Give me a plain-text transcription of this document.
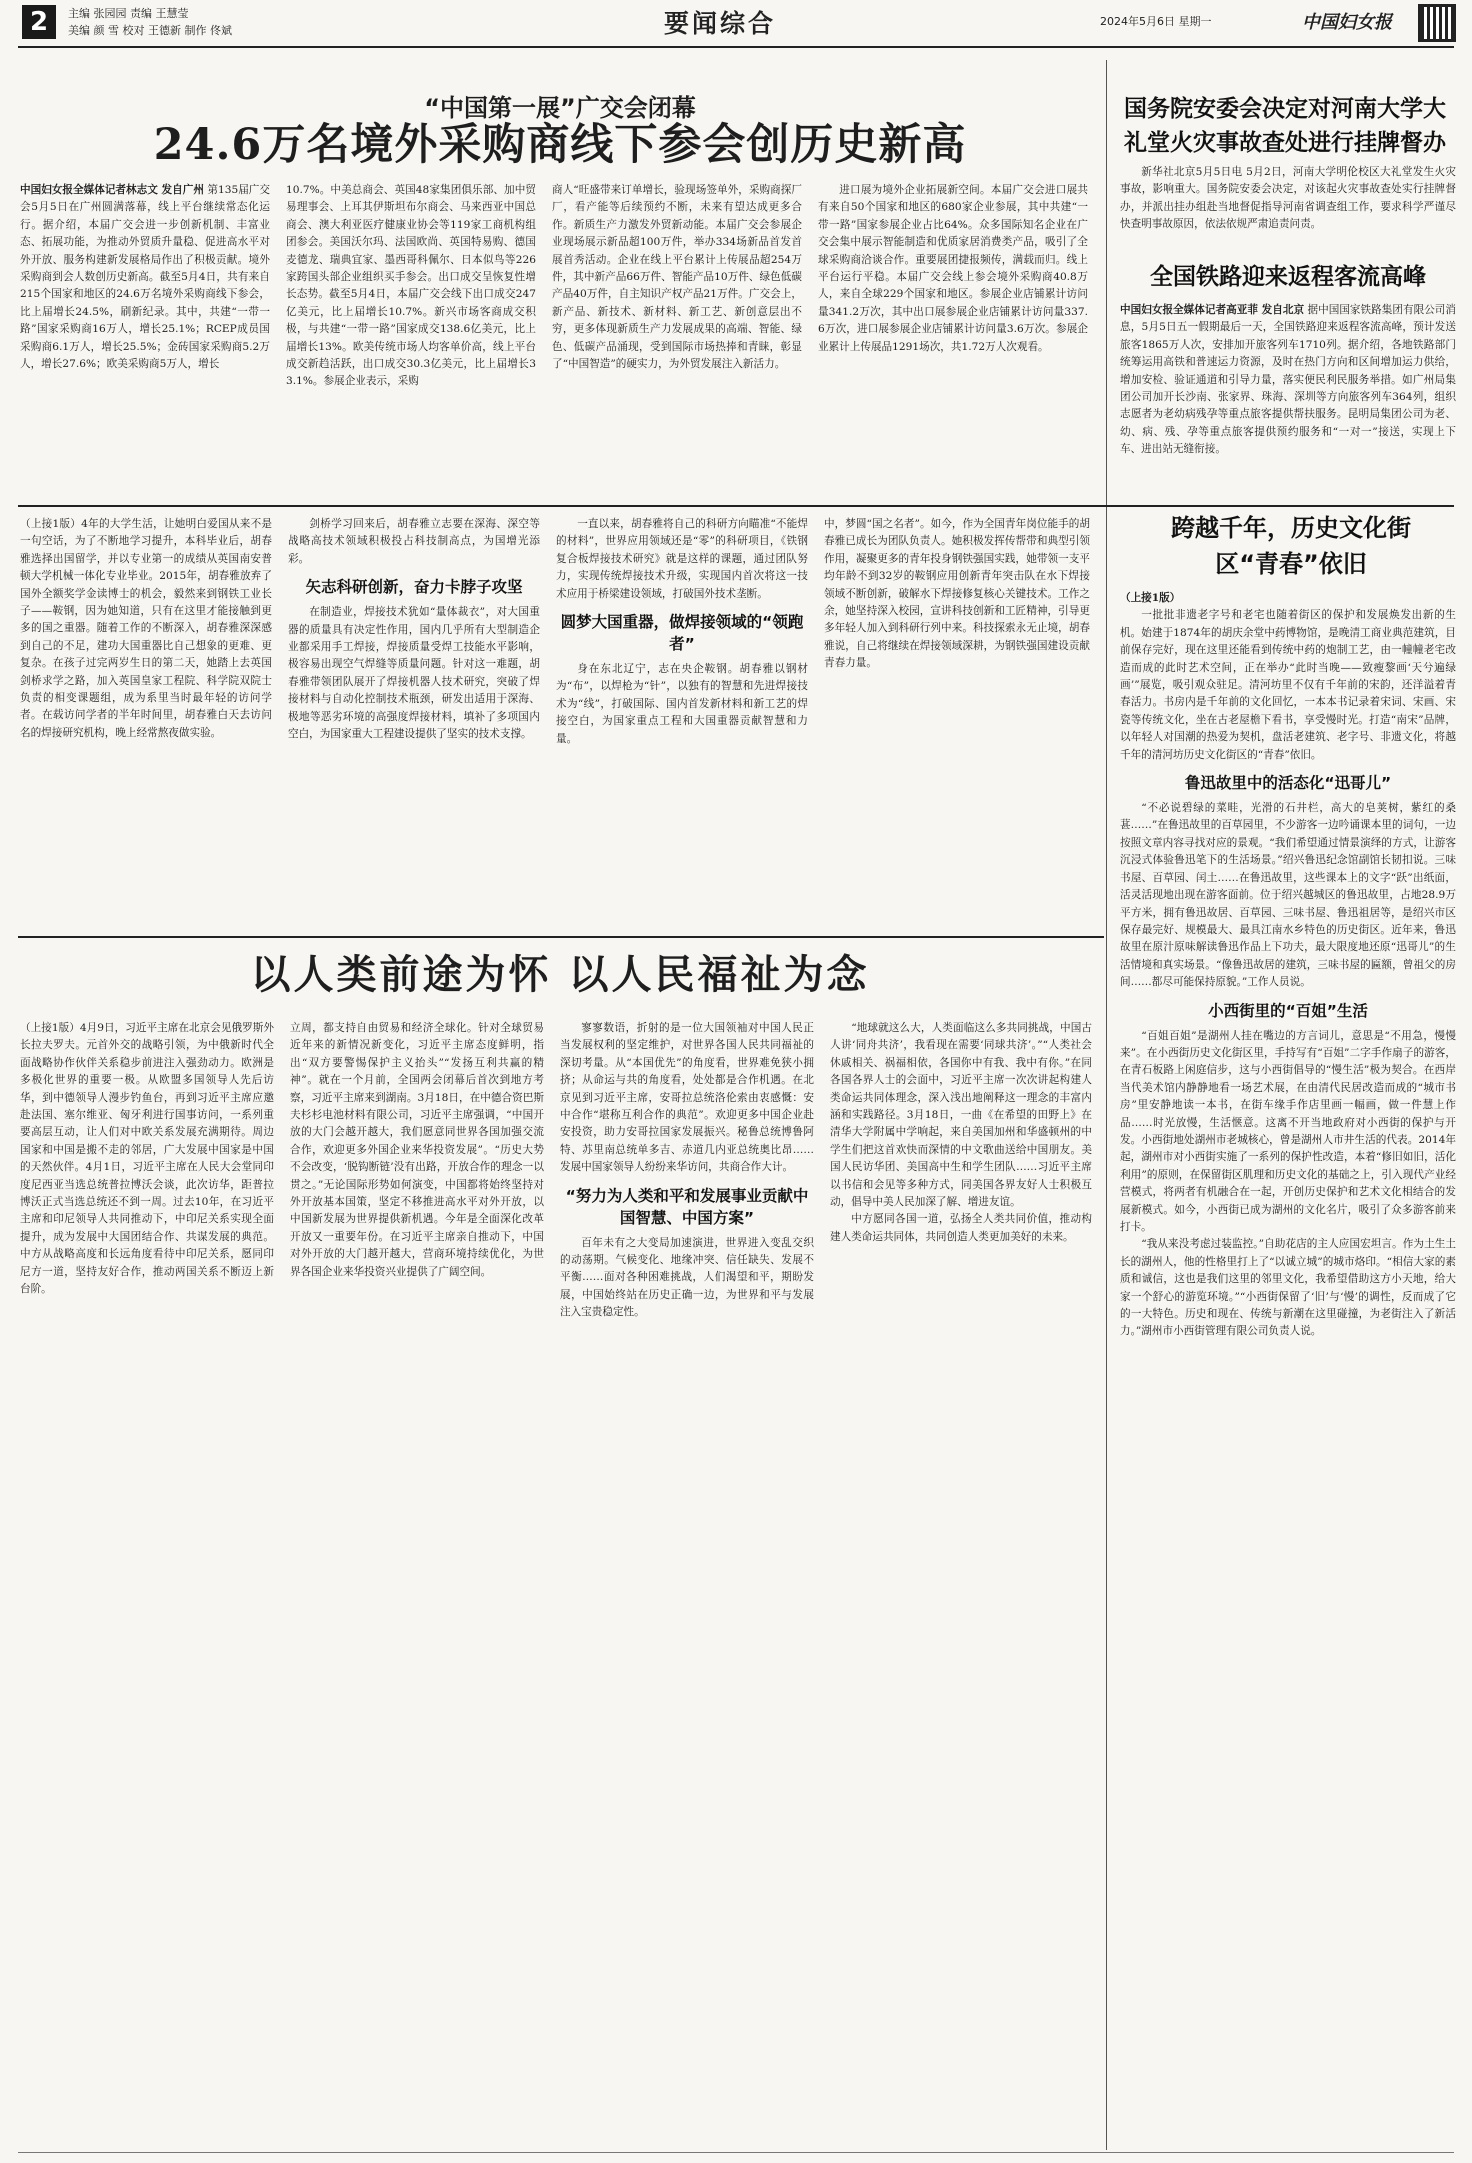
2	主编 张园园 责编 王慧莹
美编 颜 雪 校对 王德新 制作 佟斌	要闻综合	2024年5月6日 星期一	中国妇女报
“中国第一展”广交会闭幕
24.6万名境外采购商线下参会创历史新高

中国妇女报全媒体记者林志文 发自广州 第135届广交会5月5日在广州圆满落幕，线上平台继续常态化运行。据介绍，本届广交会进一步创新机制、丰富业态、拓展功能，为推动外贸质升量稳、促进高水平对外开放、服务构建新发展格局作出了积极贡献。境外采购商到会人数创历史新高。截至5月4日，共有来自215个国家和地区的24.6万名境外采购商线下参会，比上届增长24.5%，刷新纪录。其中，共建“一带一路”国家采购商16万人，增长25.1%；RCEP成员国采购商6.1万人，增长25.5%；金砖国家采购商5.2万人，增长27.6%；欧美采购商5万人，增长

10.7%。中美总商会、英国48家集团俱乐部、加中贸易理事会、上耳其伊斯坦布尔商会、马来西亚中国总商会、澳大利亚医疗健康业协会等119家工商机构组团参会。美国沃尔玛、法国欧尚、英国特易购、德国麦德龙、瑞典宜家、墨西哥科佩尔、日本似鸟等226家跨国头部企业组织买手参会。出口成交呈恢复性增长态势。截至5月4日，本届广交会线下出口成交247亿美元，比上届增长10.7%。新兴市场客商成交积极，与共建“一带一路”国家成交138.6亿美元，比上届增长13%。欧美传统市场人均客单价高，线上平台成交新趋活跃，出口成交30.3亿美元，比上届增长33.1%。参展企业表示，采购

商人“旺盛带来订单增长，验现场签单外，采购商探厂厂，看产能等后续预约不断，未来有望达成更多合作。新质生产力激发外贸新动能。本届广交会参展企业现场展示新品超100万件，举办334场新品首发首展首秀活动。企业在线上平台累计上传展品超254万件，其中新产品66万件、智能产品10万件、绿色低碳产品40万件，自主知识产权产品21万件。广交会上，新产品、新技术、新材料、新工艺、新创意层出不穷，更多体现新质生产力发展成果的高端、智能、绿色、低碳产品涌现，受到国际市场热捧和青睐，彰显了“中国智造”的硬实力，为外贸发展注入新活力。

进口展为境外企业拓展新空间。本届广交会进口展共有来自50个国家和地区的680家企业参展，其中共建“一带一路”国家参展企业占比64%。众多国际知名企业在广交会集中展示智能制造和优质家居消费类产品，吸引了全球采购商洽谈合作。重要展团捷报频传，满载而归。线上平台运行平稳。本届广交会线上参会境外采购商40.8万人，来自全球229个国家和地区。参展企业店铺累计访问量341.2万次，其中出口展参展企业店铺累计访问量337.6万次，进口展参展企业店铺累计访问量3.6万次。参展企业累计上传展品1291场次，共1.72万人次观看。

国务院安委会决定对河南大学大礼堂火灾事故查处进行挂牌督办

新华社北京5月5日电 5月2日，河南大学明伦校区大礼堂发生火灾事故，影响重大。国务院安委会决定，对该起火灾事故查处实行挂牌督办，并派出挂办组赴当地督促指导河南省调查组工作，要求科学严谨尽快查明事故原因，依法依规严肃追责问责。

全国铁路迎来返程客流高峰

中国妇女报全媒体记者高亚菲 发自北京 据中国国家铁路集团有限公司消息，5月5日五一假期最后一天，全国铁路迎来返程客流高峰，预计发送旅客1865万人次，安排加开旅客列车1710列。据介绍，各地铁路部门统筹运用高铁和普速运力资源，及时在热门方向和区间增加运力供给，增加安检、验证通道和引导力量，落实便民利民服务举措。如广州局集团公司加开长沙南、张家界、珠海、深圳等方向旅客列车364列，组织志愿者为老幼病残孕等重点旅客提供帮扶服务。昆明局集团公司为老、幼、病、残、孕等重点旅客提供预约服务和“一对一”接送，实现上下车、进出站无缝衔接。

（上接1版）4年的大学生活，让她明白爱国从来不是一句空话，为了不断地学习提升，本科毕业后，胡春雅选择出国留学，并以专业第一的成绩从英国南安普顿大学机械一体化专业毕业。2015年，胡春雅放弃了国外全额奖学金读博士的机会，毅然来到钢铁工业长子——鞍钢，因为她知道，只有在这里才能接触到更多的国之重器。随着工作的不断深入，胡春雅深深感到自己的不足，建功大国重器比自己想象的更难、更复杂。在孩子过完两岁生日的第二天，她踏上去英国剑桥求学之路，加入英国皇家工程院、科学院双院士负责的相变课题组，成为系里当时最年轻的访问学者。在载访问学者的半年时间里，胡春雅白天去访问名的焊接研究机构，晚上经常熬夜做实验。

剑桥学习回来后，胡春雅立志要在深海、深空等战略高技术领域积极投占科技制高点，为国增光添彩。

矢志科研创新，奋力卡脖子攻坚

在制造业，焊接技术犹如“量体裁衣”，对大国重器的质量具有决定性作用，国内几乎所有大型制造企业都采用手工焊接，焊接质量受焊工技能水平影响，极容易出现空气焊缝等质量问题。针对这一难题，胡春雅带领团队展开了焊接机器人技术研究，突破了焊接材料与自动化控制技术瓶颈，研发出适用于深海、极地等恶劣环境的高强度焊接材料，填补了多项国内空白，为国家重大工程建设提供了坚实的技术支撑。

一直以来，胡春雅将自己的科研方向瞄准“不能焊的材料”，世界应用领域还是“零”的科研项目，《铁钢复合板焊接技术研究》就是这样的课题，通过团队努力，实现传统焊接技术升级，实现国内首次将这一技术应用于桥梁建设领域，打破国外技术垄断。

圆梦大国重器，做焊接领域的“领跑者”

身在东北辽宁，志在央企鞍钢。胡春雅以钢材为“布”，以焊枪为“针”，以独有的智慧和先进焊接技术为“线”，打破国际、国内首发新材料和新工艺的焊接空白，为国家重点工程和大国重器贡献智慧和力量。

中，梦圆“国之名者”。如今，作为全国青年岗位能手的胡春雅已成长为团队负责人。她积极发挥传帮带和典型引领作用，凝聚更多的青年投身钢铁强国实践，她带领一支平均年龄不到32岁的鞍钢应用创新青年突击队在水下焊接领域不断创新，破解水下焊接修复核心关键技术。工作之余，她坚持深入校园，宣讲科技创新和工匠精神，引导更多年轻人加入到科研行列中来。科技探索永无止境，胡春雅说，自己将继续在焊接领域深耕，为钢铁强国建设贡献青春力量。

跨越千年，历史文化街区“青春”依旧

（上接1版）

一批批非遗老字号和老宅也随着街区的保护和发展焕发出新的生机。始建于1874年的胡庆余堂中药博物馆，是晚清工商业典范建筑，目前保存完好，现在这里还能看到传统中药的炮制工艺，由一幢幢老宅改造而成的此时艺术空间，正在举办“此时当晚——致瘦黎画‘天兮遍绿画’”展览，吸引观众驻足。清河坊里不仅有千年前的宋韵，还洋溢着青春活力。书房内是千年前的文化回忆，一本本书记录着宋词、宋画、宋瓷等传统文化，坐在古老屋檐下看书，享受慢时光。打造“南宋”品牌，以年轻人对国潮的热爱为契机，盘活老建筑、老字号、非遗文化，将越千年的清河坊历史文化街区的“青春”依旧。

鲁迅故里中的活态化“迅哥儿”

“不必说碧绿的菜畦，光滑的石井栏，高大的皂荚树，紫红的桑葚……”在鲁迅故里的百草园里，不少游客一边吟诵课本里的词句，一边按照文章内容寻找对应的景观。“我们希望通过情景演绎的方式，让游客沉浸式体验鲁迅笔下的生活场景。”绍兴鲁迅纪念馆副馆长韧扣说。三味书屋、百草园、闰土……在鲁迅故里，这些课本上的文字“跃”出纸面，活灵活现地出现在游客面前。位于绍兴越城区的鲁迅故里，占地28.9万平方米，拥有鲁迅故居、百草园、三味书屋、鲁迅祖居等，是绍兴市区保存最完好、规模最大、最具江南水乡特色的历史街区。近年来，鲁迅故里在原汁原味解读鲁迅作品上下功夫，最大限度地还原“迅哥儿”的生活情境和真实场景。“像鲁迅故居的建筑，三味书屋的匾额，曾祖父的房间……都尽可能保持原貌。”工作人员说。

小西街里的“百姐”生活

“百姐百姐”是湖州人挂在嘴边的方言词儿，意思是“不用急，慢慢来”。在小西街历史文化街区里，手持写有“百姐”二字手作扇子的游客，在青石板路上闲庭信步，这与小西街倡导的“慢生活”极为契合。在西岸当代美术馆内静静地看一场艺术展，在由清代民居改造而成的“城市书房”里安静地读一本书，在街车缘手作店里画一幅画，做一件慧上作品……时光放慢，生活惬意。这离不开当地政府对小西街的保护与开发。小西街地处湖州市老城核心，曾是湖州人市井生活的代表。2014年起，湖州市对小西街实施了一系列的保护性改造，本着“修旧如旧，活化利用”的原则，在保留街区肌理和历史文化的基础之上，引入现代产业经营模式，将两者有机融合在一起，开创历史保护和艺术文化相结合的发展新模式。如今，小西街已成为湖州的文化名片，吸引了众多游客前来打卡。

“我从来没考虑过装监控。”自助花店的主人应国宏坦言。作为土生土长的湖州人，他的性格里打上了“以诚立城”的城市烙印。“相信大家的素质和诚信，这也是我们这里的邻里文化，我希望借助这方小天地，给大家一个舒心的游览环境。”“小西街保留了‘旧’与‘慢’的调性，反而成了它的一大特色。历史和现在、传统与新潮在这里碰撞，为老街注入了新活力。”湖州市小西街管理有限公司负责人说。

以人类前途为怀 以人民福祉为念

（上接1版）4月9日，习近平主席在北京会见俄罗斯外长拉夫罗夫。元首外交的战略引领，为中俄新时代全面战略协作伙伴关系稳步前进注入强劲动力。欧洲是多极化世界的重要一极。从欧盟多国领导人先后访华，到中德领导人漫步钓鱼台，再到习近平主席应邀赴法国、塞尔维亚、匈牙利进行国事访问，一系列重要高层互动，让人们对中欧关系发展充满期待。周边国家和中国是搬不走的邻居，广大发展中国家是中国的天然伙伴。4月1日，习近平主席在人民大会堂同印度尼西亚当选总统普拉博沃会谈，此次访华，距普拉博沃正式当选总统还不到一周。过去10年，在习近平主席和印尼领导人共同推动下，中印尼关系实现全面提升，成为发展中大国团结合作、共谋发展的典范。中方从战略高度和长远角度看待中印尼关系，愿同印尼方一道，坚持友好合作，推动两国关系不断迈上新台阶。

立周，都支持自由贸易和经济全球化。针对全球贸易近年来的新情况新变化，习近平主席态度鲜明，指出“双方要警惕保护主义抬头”“发扬互利共赢的精神”。就在一个月前，全国两会闭幕后首次到地方考察，习近平主席来到湖南。3月18日，在中德合资巴斯夫杉杉电池材料有限公司，习近平主席强调，“中国开放的大门会越开越大，我们愿意同世界各国加强交流合作，欢迎更多外国企业来华投资发展”。“历史大势不会改变，‘脱钩断链’没有出路，开放合作的理念一以贯之。”无论国际形势如何演变，中国都将始终坚持对外开放基本国策，坚定不移推进高水平对外开放，以中国新发展为世界提供新机遇。今年是全面深化改革开放又一重要年份。在习近平主席亲自推动下，中国对外开放的大门越开越大，营商环境持续优化，为世界各国企业来华投资兴业提供了广阔空间。

寥寥数语，折射的是一位大国领袖对中国人民正当发展权利的坚定维护，对世界各国人民共同福祉的深切考量。从“本国优先”的角度看，世界难免狭小拥挤；从命运与共的角度看，处处都是合作机遇。在北京见到习近平主席，安哥拉总统洛伦索由衷感慨：安中合作“堪称互利合作的典范”。欢迎更多中国企业赴安投资，助力安哥拉国家发展振兴。秘鲁总统博鲁阿特、苏里南总统单多吉、赤道几内亚总统奥比昂……发展中国家领导人纷纷来华访问，共商合作大计。

“努力为人类和平和发展事业贡献中国智慧、中国方案”

百年未有之大变局加速演进，世界进入变乱交织的动荡期。气候变化、地缘冲突、信任缺失、发展不平衡……面对各种困难挑战，人们渴望和平，期盼发展，中国始终站在历史正确一边，为世界和平与发展注入宝贵稳定性。

“地球就这么大，人类面临这么多共同挑战，中国古人讲‘同舟共济’，我看现在需要‘同球共济’。”“人类社会休戚相关、祸福相依，各国你中有我、我中有你。”在同各国各界人士的会面中，习近平主席一次次讲起构建人类命运共同体理念，深入浅出地阐释这一理念的丰富内涵和实践路径。3月18日，一曲《在希望的田野上》在清华大学附属中学响起，来自美国加州和华盛顿州的中学生们把这首欢快而深情的中文歌曲送给中国朋友。美国人民访华团、美国高中生和学生团队……习近平主席以书信和会见等多种方式，同美国各界友好人士积极互动，倡导中美人民加深了解、增进友谊。

中方愿同各国一道，弘扬全人类共同价值，推动构建人类命运共同体，共同创造人类更加美好的未来。
